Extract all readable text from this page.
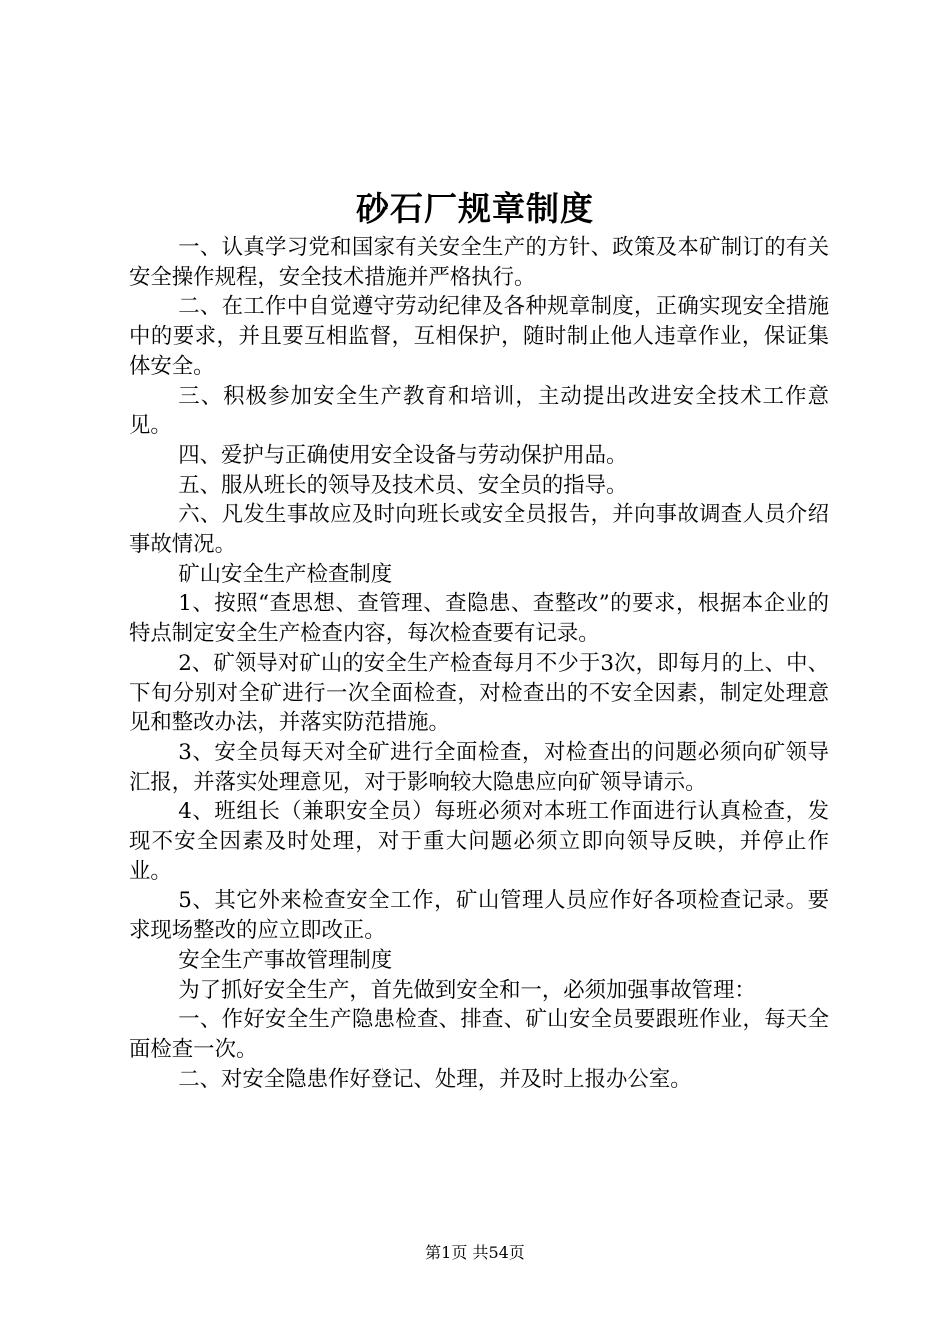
砂石厂规章制度

一、认真学习党和国家有关安全生产的方针、政策及本矿制订的有关安全操作规程，安全技术措施并严格执行。

二、在工作中自觉遵守劳动纪律及各种规章制度，正确实现安全措施中的要求，并且要互相监督，互相保护，随时制止他人违章作业，保证集体安全。

三、积极参加安全生产教育和培训，主动提出改进安全技术工作意见。

四、爱护与正确使用安全设备与劳动保护用品。

五、服从班长的领导及技术员、安全员的指导。

六、凡发生事故应及时向班长或安全员报告，并向事故调查人员介绍事故情况。

矿山安全生产检查制度

1、按照“查思想、查管理、查隐患、查整改”的要求，根据本企业的特点制定安全生产检查内容，每次检查要有记录。

2、矿领导对矿山的安全生产检查每月不少于3次，即每月的上、中、下旬分别对全矿进行一次全面检查，对检查出的不安全因素，制定处理意见和整改办法，并落实防范措施。

3、安全员每天对全矿进行全面检查，对检查出的问题必须向矿领导汇报，并落实处理意见，对于影响较大隐患应向矿领导请示。

4、班组长（兼职安全员）每班必须对本班工作面进行认真检查，发现不安全因素及时处理，对于重大问题必须立即向领导反映，并停止作业。

5、其它外来检查安全工作，矿山管理人员应作好各项检查记录。要求现场整改的应立即改正。

安全生产事故管理制度

为了抓好安全生产，首先做到安全和一，必须加强事故管理：

一、作好安全生产隐患检查、排查、矿山安全员要跟班作业，每天全面检查一次。

二、对安全隐患作好登记、处理，并及时上报办公室。

第1页 共54页
